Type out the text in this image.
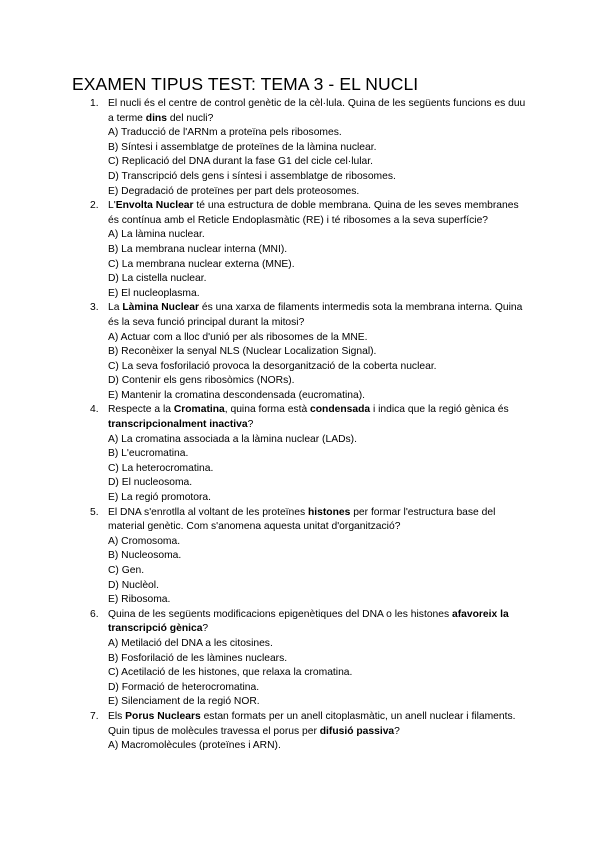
EXAMEN TIPUS TEST: TEMA 3 - EL NUCLI
1. El nucli és el centre de control genètic de la cèl·lula. Quina de les següents funcions es duu a terme dins del nucli?
A) Traducció de l'ARNm a proteïna pels ribosomes.
B) Síntesi i assemblatge de proteïnes de la làmina nuclear.
C) Replicació del DNA durant la fase G1 del cicle cel·lular.
D) Transcripció dels gens i síntesi i assemblatge de ribosomes.
E) Degradació de proteïnes per part dels proteosomes.
2. L'Envolta Nuclear té una estructura de doble membrana. Quina de les seves membranes és contínua amb el Reticle Endoplasmàtic (RE) i té ribosomes a la seva superfície?
A) La làmina nuclear.
B) La membrana nuclear interna (MNI).
C) La membrana nuclear externa (MNE).
D) La cistella nuclear.
E) El nucleoplasma.
3. La Làmina Nuclear és una xarxa de filaments intermedis sota la membrana interna. Quina és la seva funció principal durant la mitosi?
A) Actuar com a lloc d'unió per als ribosomes de la MNE.
B) Reconèixer la senyal NLS (Nuclear Localization Signal).
C) La seva fosforilació provoca la desorganització de la coberta nuclear.
D) Contenir els gens ribosòmics (NORs).
E) Mantenir la cromatina descondensada (eucromatina).
4. Respecte a la Cromatina, quina forma està condensada i indica que la regió gènica és transcripcionalment inactiva?
A) La cromatina associada a la làmina nuclear (LADs).
B) L'eucromatina.
C) La heterocromatina.
D) El nucleosoma.
E) La regió promotora.
5. El DNA s'enrotlla al voltant de les proteïnes histones per formar l'estructura base del material genètic. Com s'anomena aquesta unitat d'organització?
A) Cromosoma.
B) Nucleosoma.
C) Gen.
D) Nuclèol.
E) Ribosoma.
6. Quina de les següents modificacions epigenètiques del DNA o les histones afavoreix la transcripció gènica?
A) Metilació del DNA a les citosines.
B) Fosforilació de les làmines nuclears.
C) Acetilació de les histones, que relaxa la cromatina.
D) Formació de heterocromatina.
E) Silenciament de la regió NOR.
7. Els Porus Nuclears estan formats per un anell citoplasmàtic, un anell nuclear i filaments. Quin tipus de molècules travessa el porus per difusió passiva?
A) Macromolècules (proteïnes i ARN).
